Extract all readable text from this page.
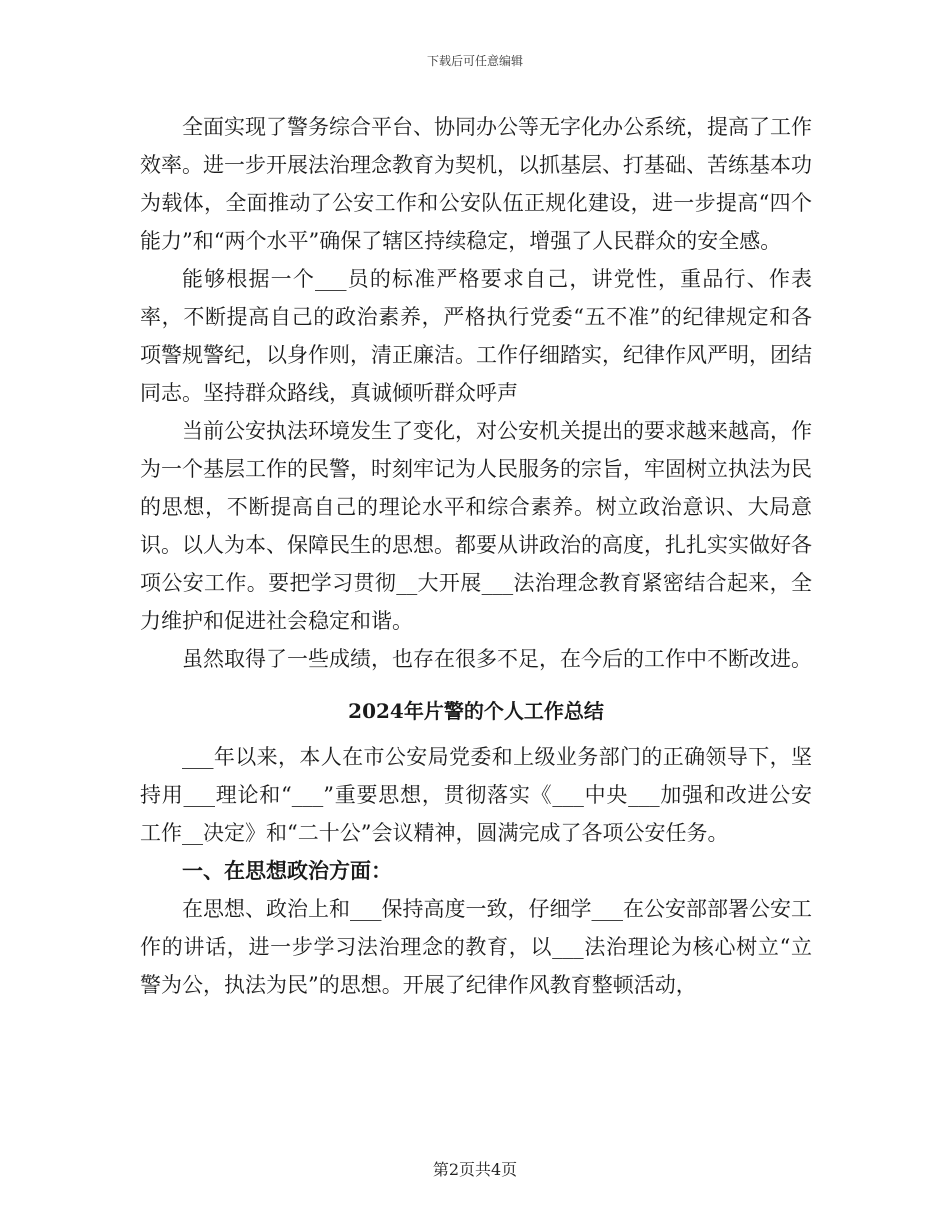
下载后可任意编辑

全面实现了警务综合平台、协同办公等无字化办公系统，提高了工作效率。进一步开展法治理念教育为契机，以抓基层、打基础、苦练基本功为载体，全面推动了公安工作和公安队伍正规化建设，进一步提高“四个能力”和“两个水平”确保了辖区持续稳定，增强了人民群众的安全感。

能够根据一个___员的标准严格要求自己，讲党性，重品行、作表率，不断提高自己的政治素养，严格执行党委“五不准”的纪律规定和各项警规警纪，以身作则，清正廉洁。工作仔细踏实，纪律作风严明，团结同志。坚持群众路线，真诚倾听群众呼声

当前公安执法环境发生了变化，对公安机关提出的要求越来越高，作为一个基层工作的民警，时刻牢记为人民服务的宗旨，牢固树立执法为民的思想，不断提高自己的理论水平和综合素养。树立政治意识、大局意识。以人为本、保障民生的思想。都要从讲政治的高度，扎扎实实做好各项公安工作。要把学习贯彻__大开展___法治理念教育紧密结合起来，全力维护和促进社会稳定和谐。

虽然取得了一些成绩，也存在很多不足，在今后的工作中不断改进。

2024年片警的个人工作总结

___年以来，本人在市公安局党委和上级业务部门的正确领导下，坚持用___理论和“___”重要思想，贯彻落实《___中央___加强和改进公安工作__决定》和“二十公”会议精神，圆满完成了各项公安任务。

一、在思想政治方面：

在思想、政治上和___保持高度一致，仔细学___在公安部部署公安工作的讲话，进一步学习法治理念的教育，以___法治理论为核心树立“立警为公，执法为民”的思想。开展了纪律作风教育整顿活动，

第2页共4页
